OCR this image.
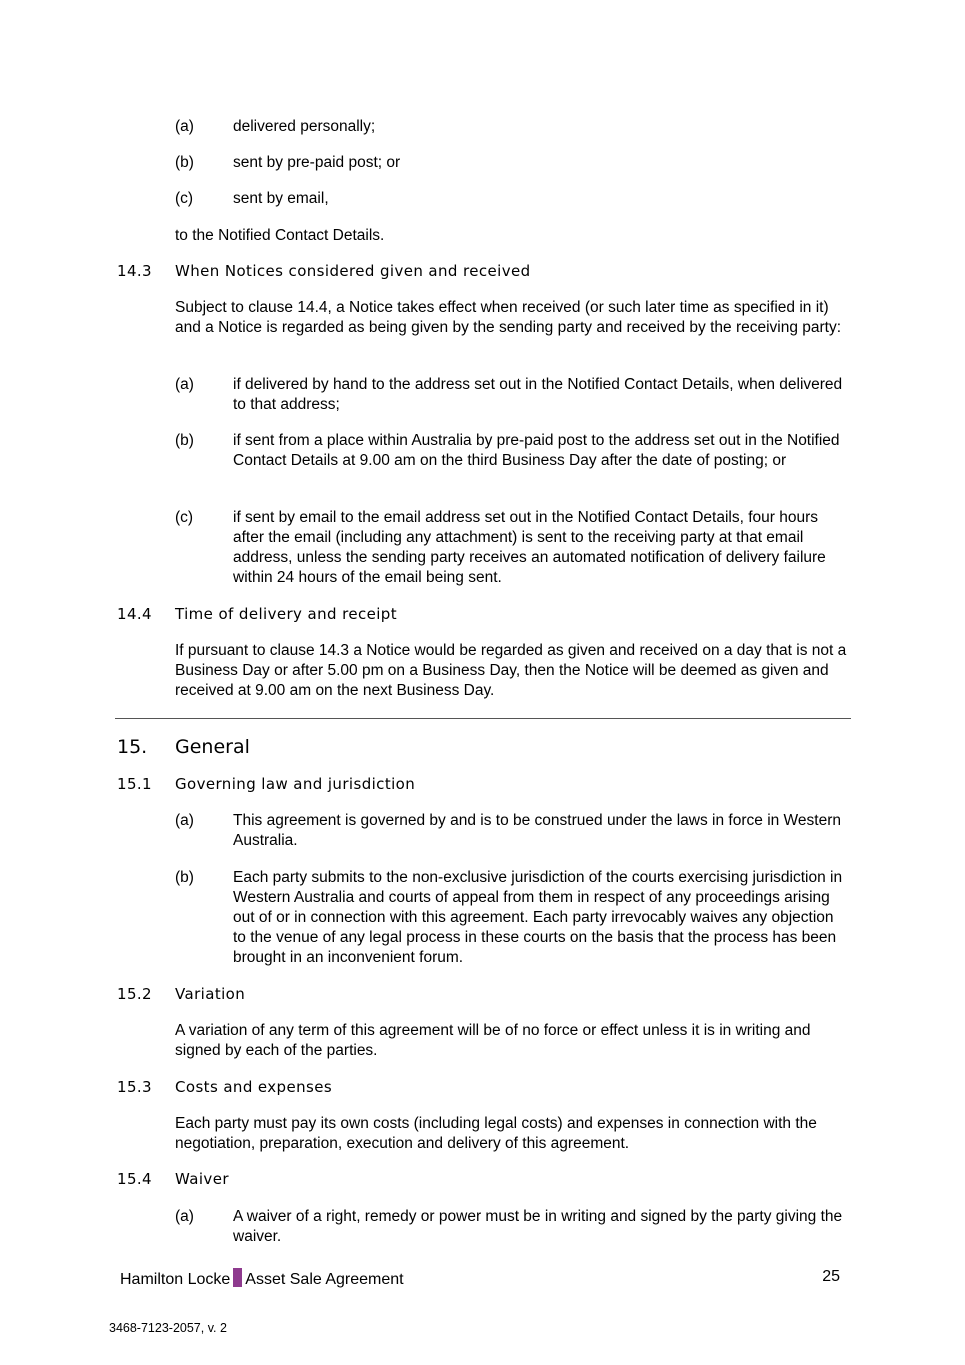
(a)	delivered personally;
(b)	sent by pre-paid post; or
(c)	sent by email,
to the Notified Contact Details.
14.3 When Notices considered given and received
Subject to clause 14.4, a Notice takes effect when received (or such later time as specified in it) and a Notice is regarded as being given by the sending party and received by the receiving party:
(a)	if delivered by hand to the address set out in the Notified Contact Details, when delivered to that address;
(b)	if sent from a place within Australia by pre-paid post to the address set out in the Notified Contact Details at 9.00 am on the third Business Day after the date of posting; or
(c)	if sent by email to the email address set out in the Notified Contact Details, four hours after the email (including any attachment) is sent to the receiving party at that email address, unless the sending party receives an automated notification of delivery failure within 24 hours of the email being sent.
14.4 Time of delivery and receipt
If pursuant to clause 14.3 a Notice would be regarded as given and received on a day that is not a Business Day or after 5.00 pm on a Business Day, then the Notice will be deemed as given and received at 9.00 am on the next Business Day.
15. General
15.1 Governing law and jurisdiction
(a)	This agreement is governed by and is to be construed under the laws in force in Western Australia.
(b)	Each party submits to the non-exclusive jurisdiction of the courts exercising jurisdiction in Western Australia and courts of appeal from them in respect of any proceedings arising out of or in connection with this agreement. Each party irrevocably waives any objection to the venue of any legal process in these courts on the basis that the process has been brought in an inconvenient forum.
15.2 Variation
A variation of any term of this agreement will be of no force or effect unless it is in writing and signed by each of the parties.
15.3 Costs and expenses
Each party must pay its own costs (including legal costs) and expenses in connection with the negotiation, preparation, execution and delivery of this agreement.
15.4 Waiver
(a)	A waiver of a right, remedy or power must be in writing and signed by the party giving the waiver.
Hamilton Locke Asset Sale Agreement	25
3468-7123-2057, v. 2
